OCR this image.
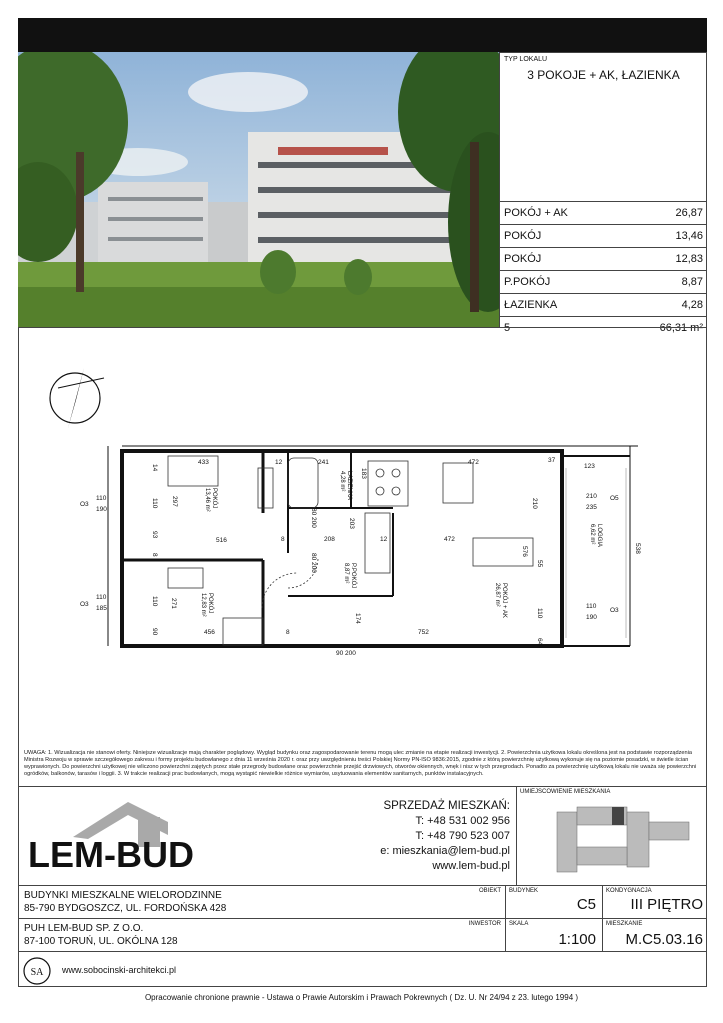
TYP LOKALU
3 POKOJE + AK, ŁAZIENKA
POKÓJ + AK	26,87
POKÓJ	13,46
POKÓJ	12,83
P.POKÓJ	8,87
ŁAZIENKA	4,28
5	66,31 m²
POKÓJ
13,46 m²
POKÓJ
12,83 m²
ŁAZIENKA
4,28 m²
P.POKÓJ
8,87 m²
POKÓJ + AK
26,87 m²
LOGGIA
6,62 m²
433	12	241
183
472	37
123
297
516	8
80 200
208	12	472
576
55
210
203
271
456	8
80 200
174
752
110
64
14
110
93
8
110
90
538
90 200
O3
110
190
O3
110
185
O5
210
235
O3
110
190
UWAGA: 1. Wizualizacja nie stanowi oferty. Niniejsze wizualizacje mają charakter poglądowy. Wygląd budynku oraz zagospodarowanie terenu mogą ulec zmianie na etapie realizacji inwestycji. 2. Powierzchnia użytkowa lokalu określona jest na podstawie rozporządzenia Ministra Rozwoju w sprawie szczegółowego zakresu i formy projektu budowlanego z dnia 11 września 2020 r. oraz przy uwzględnieniu treści Polskiej Normy PN-ISO 9836:2015, zgodnie z którą powierzchnię użytkową wykonuje się na poziomie posadzki, w świetle ścian wyprawionych. Do powierzchni użytkowej nie wliczono powierzchni zajętych przez stałe przegrody budowlane oraz powierzchnie przejść drzwiowych, otworów okiennych, wnęk i nisz w tych przegrodach. Ponadto za powierzchnię użytkową lokalu nie uważa się powierzchni ogródków, balkonów, tarasów i loggii. 3. W trakcie realizacji prac budowlanych, mogą wystąpić niewielkie różnice wymiarów, usytuowania elementów sanitarnych, punktów instalacyjnych.
LEM-BUD
SPRZEDAŻ MIESZKAŃ:
T: +48 531 002 956
T: +48 790 523 007
e: mieszkania@lem-bud.pl
www.lem-bud.pl
UMIEJSCOWIENIE MIESZKANIA
BUDYNKI MIESZKALNE WIELORODZINNE
85-790 BYDGOSZCZ, UL. FORDOŃSKA 428
OBIEKT BUDYNEK
C5
KONDYGNACJA
III PIĘTRO
PUH LEM-BUD SP. Z O.O.
87-100 TORUŃ, UL. OKÓLNA 128
INWESTOR SKALA
1:100
MIESZKANIE
M.C5.03.16
SA www.sobocinski-architekci.pl
Opracowanie chronione prawnie - Ustawa o Prawie Autorskim i Prawach Pokrewnych ( Dz. U. Nr 24/94 z 23. lutego 1994 )
